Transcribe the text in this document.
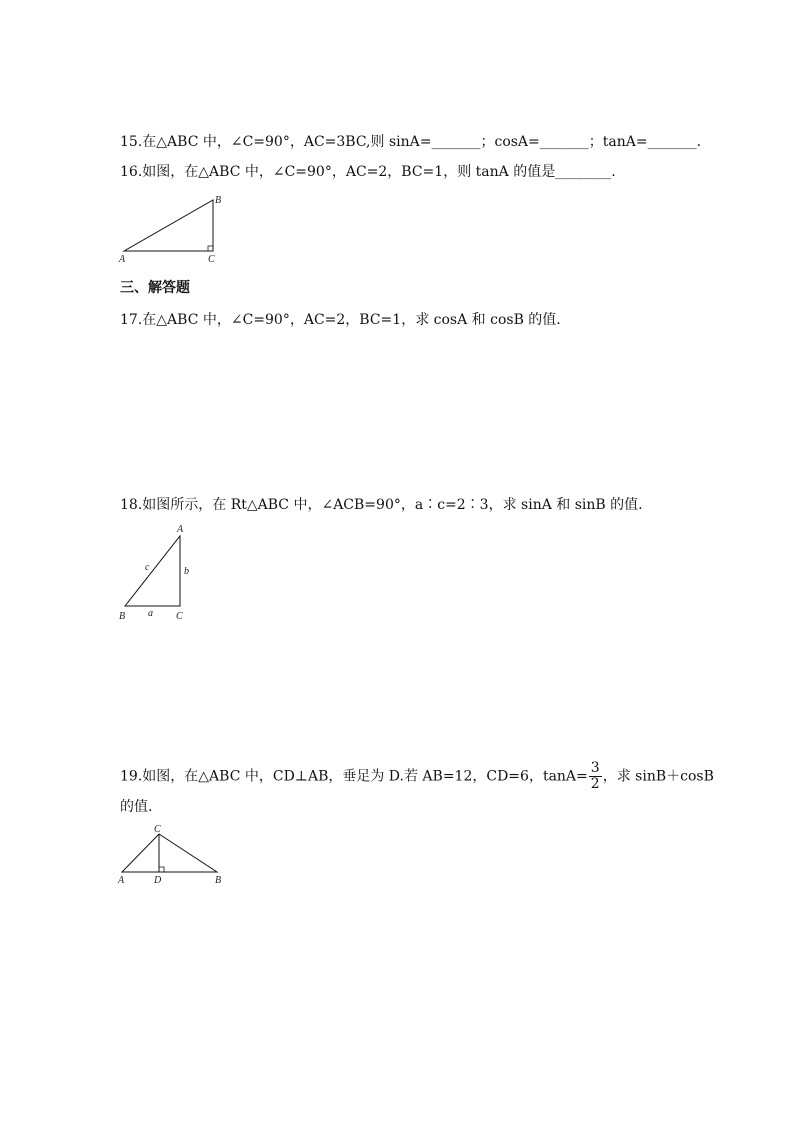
15.在△ABC 中，∠C=90°，AC=3BC,则 sinA=_______；cosA=_______；tanA=_______.
16.如图，在△ABC 中，∠C=90°，AC=2，BC=1，则 tanA 的值是________.
A
B
C
三、解答题
17.在△ABC 中，∠C=90°，AC=2，BC=1，求 cosA 和 cosB 的值.
18.如图所示，在 Rt△ABC 中，∠ACB=90°，a∶c=2∶3，求 sinA 和 sinB 的值.
A
B	C
a
b
c
19.如图，在△ABC 中，CD⊥AB，垂足为 D.若 AB=12，CD=6，$\tan A= \frac{3}{2}$ ，求 sinB＋cosB
的值.
A	B
C
D
